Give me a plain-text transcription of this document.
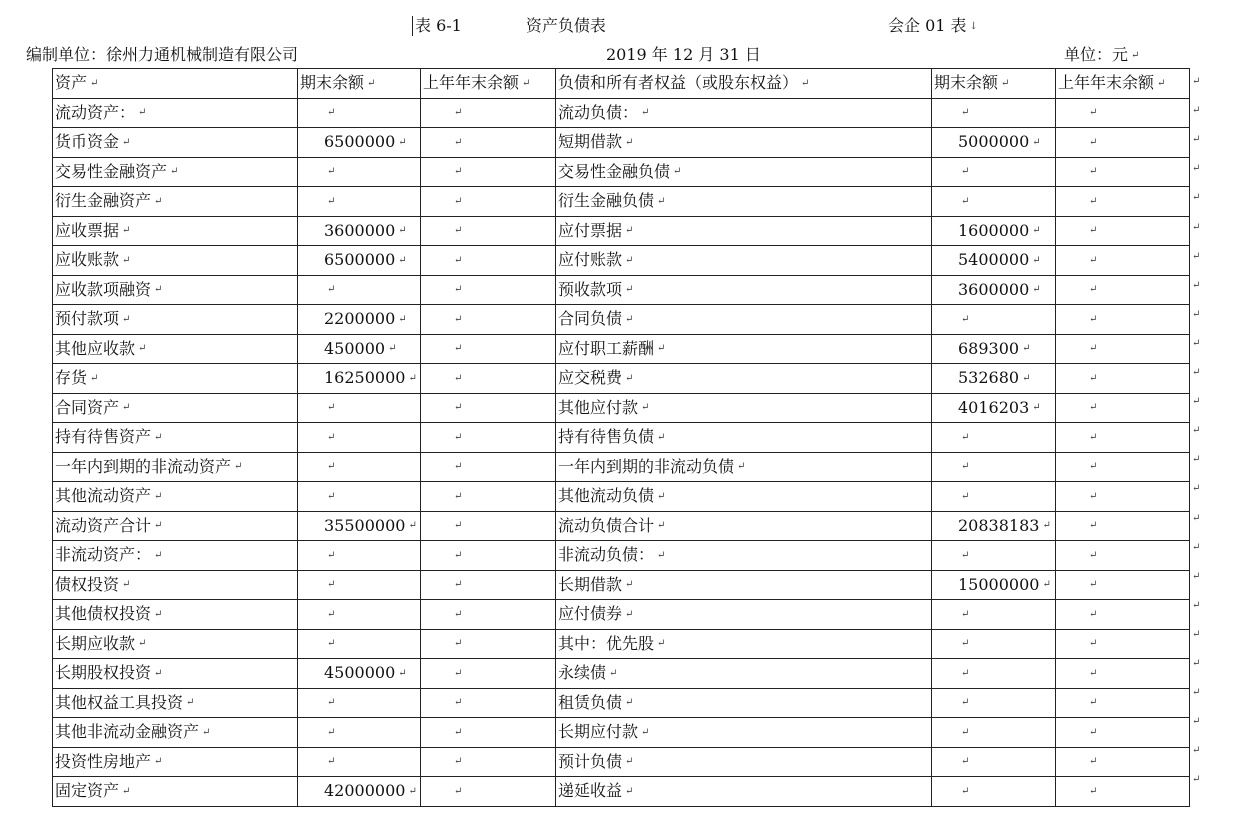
表 6-1	资产负债表	会企 01 表 ↓
编制单位：徐州力通机械制造有限公司	2019 年 12 月 31 日	单位：元 ↵
资产 ↵	期末余额 ↵	上年年末余额 ↵	负债和所有者权益（或股东权益） ↵	期末余额 ↵	上年年末余额 ↵
流动资产： ↵	↵	↵	流动负债： ↵	↵	↵
货币资金 ↵	6500000 ↵	↵	短期借款 ↵	5000000 ↵	↵
交易性金融资产 ↵	↵	↵	交易性金融负债 ↵	↵	↵
衍生金融资产 ↵	↵	↵	衍生金融负债 ↵	↵	↵
应收票据 ↵	3600000 ↵	↵	应付票据 ↵	1600000 ↵	↵
应收账款 ↵	6500000 ↵	↵	应付账款 ↵	5400000 ↵	↵
应收款项融资 ↵	↵	↵	预收款项 ↵	3600000 ↵	↵
预付款项 ↵	2200000 ↵	↵	合同负债 ↵	↵	↵
其他应收款 ↵	450000 ↵	↵	应付职工薪酬 ↵	689300 ↵	↵
存货 ↵	16250000 ↵	↵	应交税费 ↵	532680 ↵	↵
合同资产 ↵	↵	↵	其他应付款 ↵	4016203 ↵	↵
持有待售资产 ↵	↵	↵	持有待售负债 ↵	↵	↵
一年内到期的非流动资产 ↵	↵	↵	一年内到期的非流动负债 ↵	↵	↵
其他流动资产 ↵	↵	↵	其他流动负债 ↵	↵	↵
流动资产合计 ↵	35500000 ↵	↵	流动负债合计 ↵	20838183 ↵	↵
非流动资产： ↵	↵	↵	非流动负债： ↵	↵	↵
债权投资 ↵	↵	↵	长期借款 ↵	15000000 ↵	↵
其他债权投资 ↵	↵	↵	应付债券 ↵	↵	↵
长期应收款 ↵	↵	↵	其中：优先股 ↵	↵	↵
长期股权投资 ↵	4500000 ↵	↵	永续债 ↵	↵	↵
其他权益工具投资 ↵	↵	↵	租赁负债 ↵	↵	↵
其他非流动金融资产 ↵	↵	↵	长期应付款 ↵	↵	↵
投资性房地产 ↵	↵	↵	预计负债 ↵	↵	↵
固定资产 ↵	42000000 ↵	↵	递延收益 ↵	↵	↵
↵
↵
↵
↵
↵
↵
↵
↵
↵
↵
↵
↵
↵
↵
↵
↵
↵
↵
↵
↵
↵
↵
↵
↵
↵
